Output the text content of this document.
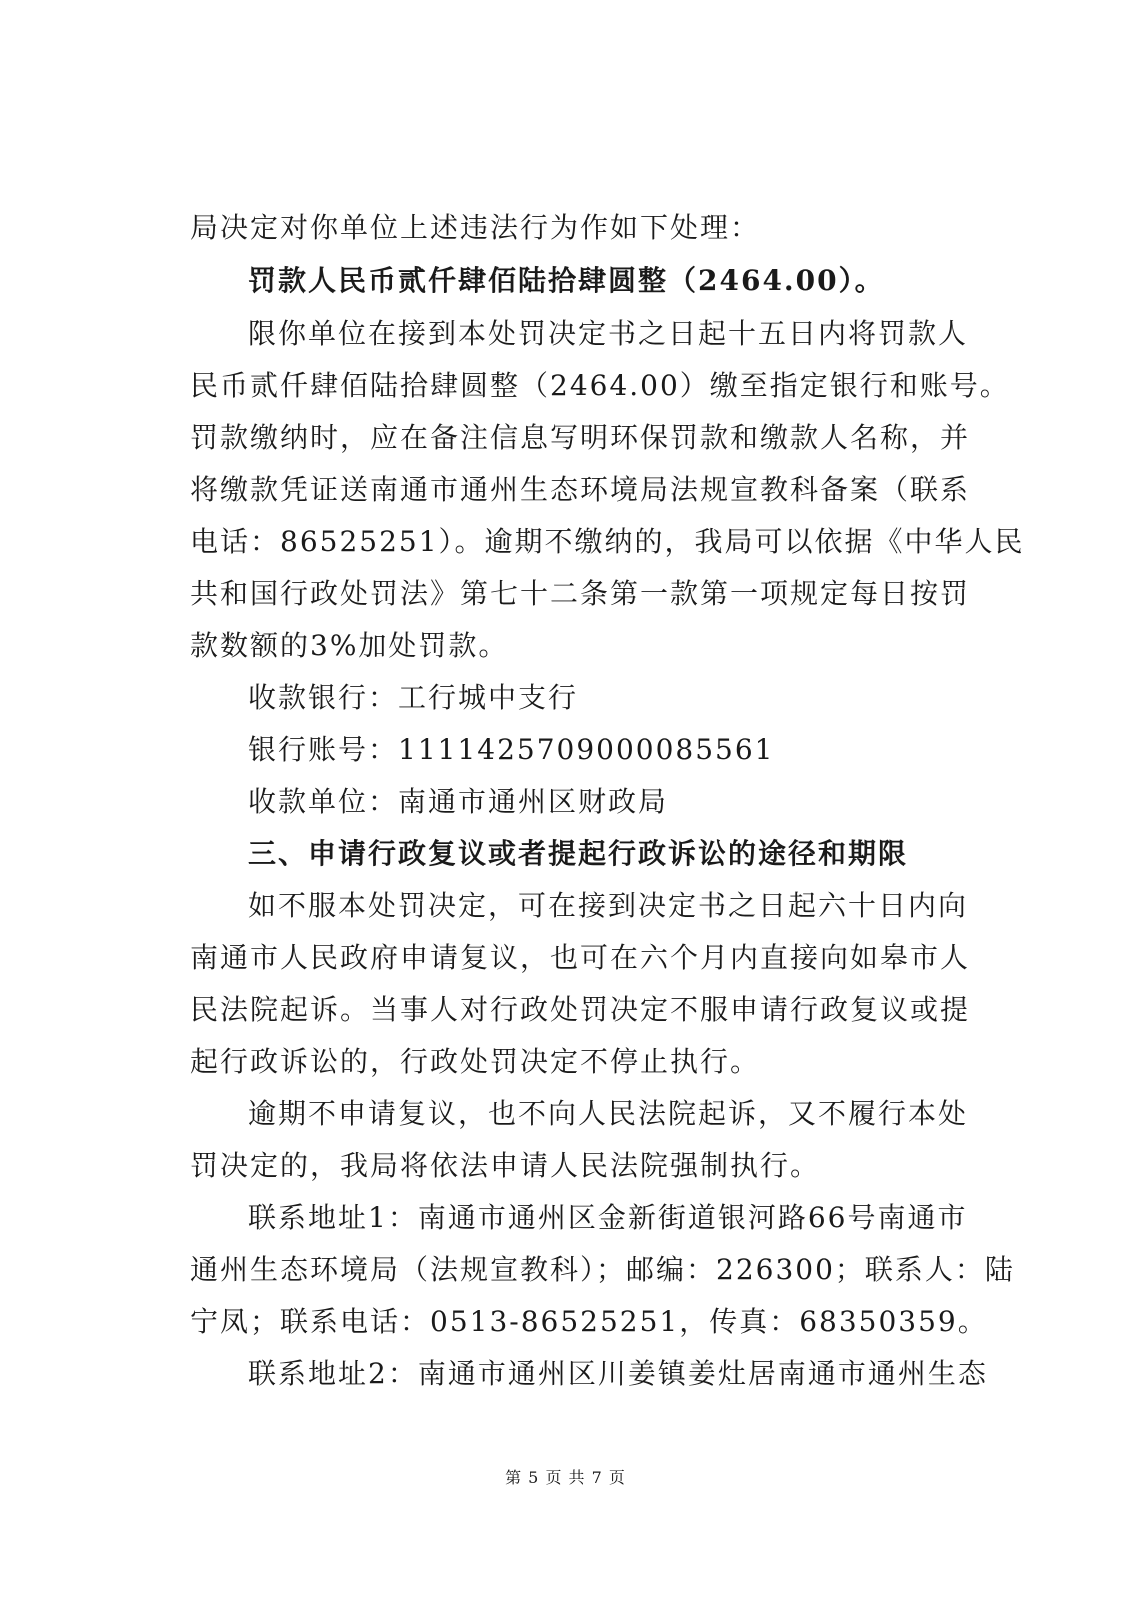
局决定对你单位上述违法行为作如下处理：
罚款人民币贰仟肆佰陆拾肆圆整（2464.00）。
限你单位在接到本处罚决定书之日起十五日内将罚款人
民币贰仟肆佰陆拾肆圆整（2464.00）缴至指定银行和账号。
罚款缴纳时，应在备注信息写明环保罚款和缴款人名称，并
将缴款凭证送南通市通州生态环境局法规宣教科备案（联系
电话：86525251）。逾期不缴纳的，我局可以依据《中华人民
共和国行政处罚法》第七十二条第一款第一项规定每日按罚
款数额的3%加处罚款。
收款银行：工行城中支行
银行账号：1111425709000085561
收款单位：南通市通州区财政局
三、申请行政复议或者提起行政诉讼的途径和期限
如不服本处罚决定，可在接到决定书之日起六十日内向
南通市人民政府申请复议，也可在六个月内直接向如皋市人
民法院起诉。当事人对行政处罚决定不服申请行政复议或提
起行政诉讼的，行政处罚决定不停止执行。
逾期不申请复议，也不向人民法院起诉，又不履行本处
罚决定的，我局将依法申请人民法院强制执行。
联系地址1：南通市通州区金新街道银河路66号南通市
通州生态环境局（法规宣教科）；邮编：226300；联系人：陆
宁凤；联系电话：0513-86525251，传真：68350359。
联系地址2：南通市通州区川姜镇姜灶居南通市通州生态
第 5 页 共 7 页
